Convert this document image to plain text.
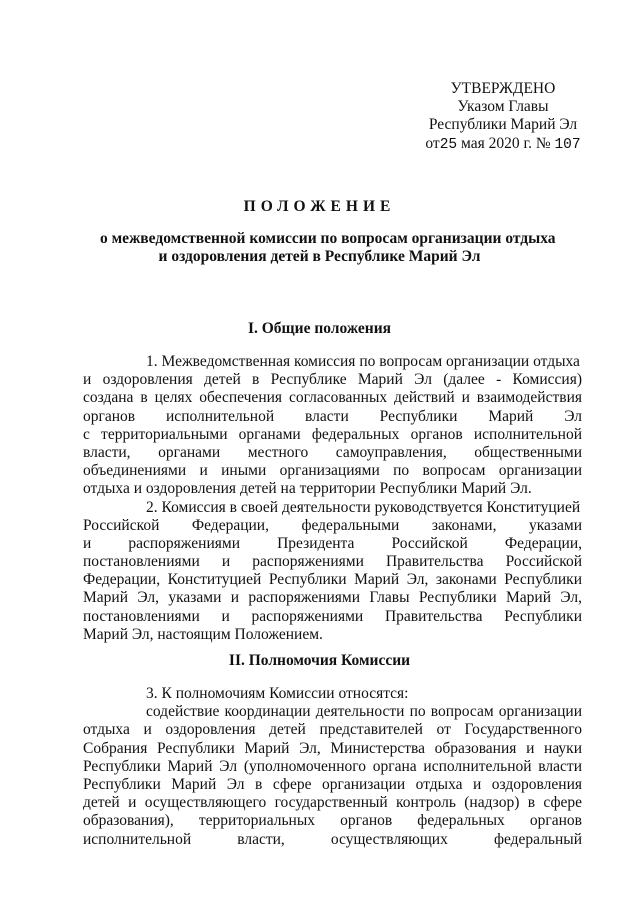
УТВЕРЖДЕНО
Указом Главы
Республики Марий Эл
от25 мая 2020 г. № 107
ПОЛОЖЕНИЕ
о межведомственной комиссии по вопросам организации отдыха
и оздоровления детей в Республике Марий Эл
I. Общие положения
1. Межведомственная комиссия по вопросам организации отдыха
и оздоровления детей в Республике Марий Эл (далее - Комиссия)
создана в целях обеспечения согласованных действий и взаимодействия
органов исполнительной власти Республики Марий Эл
с территориальными органами федеральных органов исполнительной
власти, органами местного самоуправления, общественными
объединениями и иными организациями по вопросам организации
отдыха и оздоровления детей на территории Республики Марий Эл.
2. Комиссия в своей деятельности руководствуется Конституцией
Российской Федерации, федеральными законами, указами
и распоряжениями Президента Российской Федерации,
постановлениями и распоряжениями Правительства Российской
Федерации, Конституцией Республики Марий Эл, законами Республики
Марий Эл, указами и распоряжениями Главы Республики Марий Эл,
постановлениями и распоряжениями Правительства Республики
Марий Эл, настоящим Положением.
II. Полномочия Комиссии
3. К полномочиям Комиссии относятся:
содействие координации деятельности по вопросам организации
отдыха и оздоровления детей представителей от Государственного
Собрания Республики Марий Эл, Министерства образования и науки
Республики Марий Эл (уполномоченного органа исполнительной власти
Республики Марий Эл в сфере организации отдыха и оздоровления
детей и осуществляющего государственный контроль (надзор) в сфере
образования), территориальных органов федеральных органов
исполнительной власти, осуществляющих федеральный
